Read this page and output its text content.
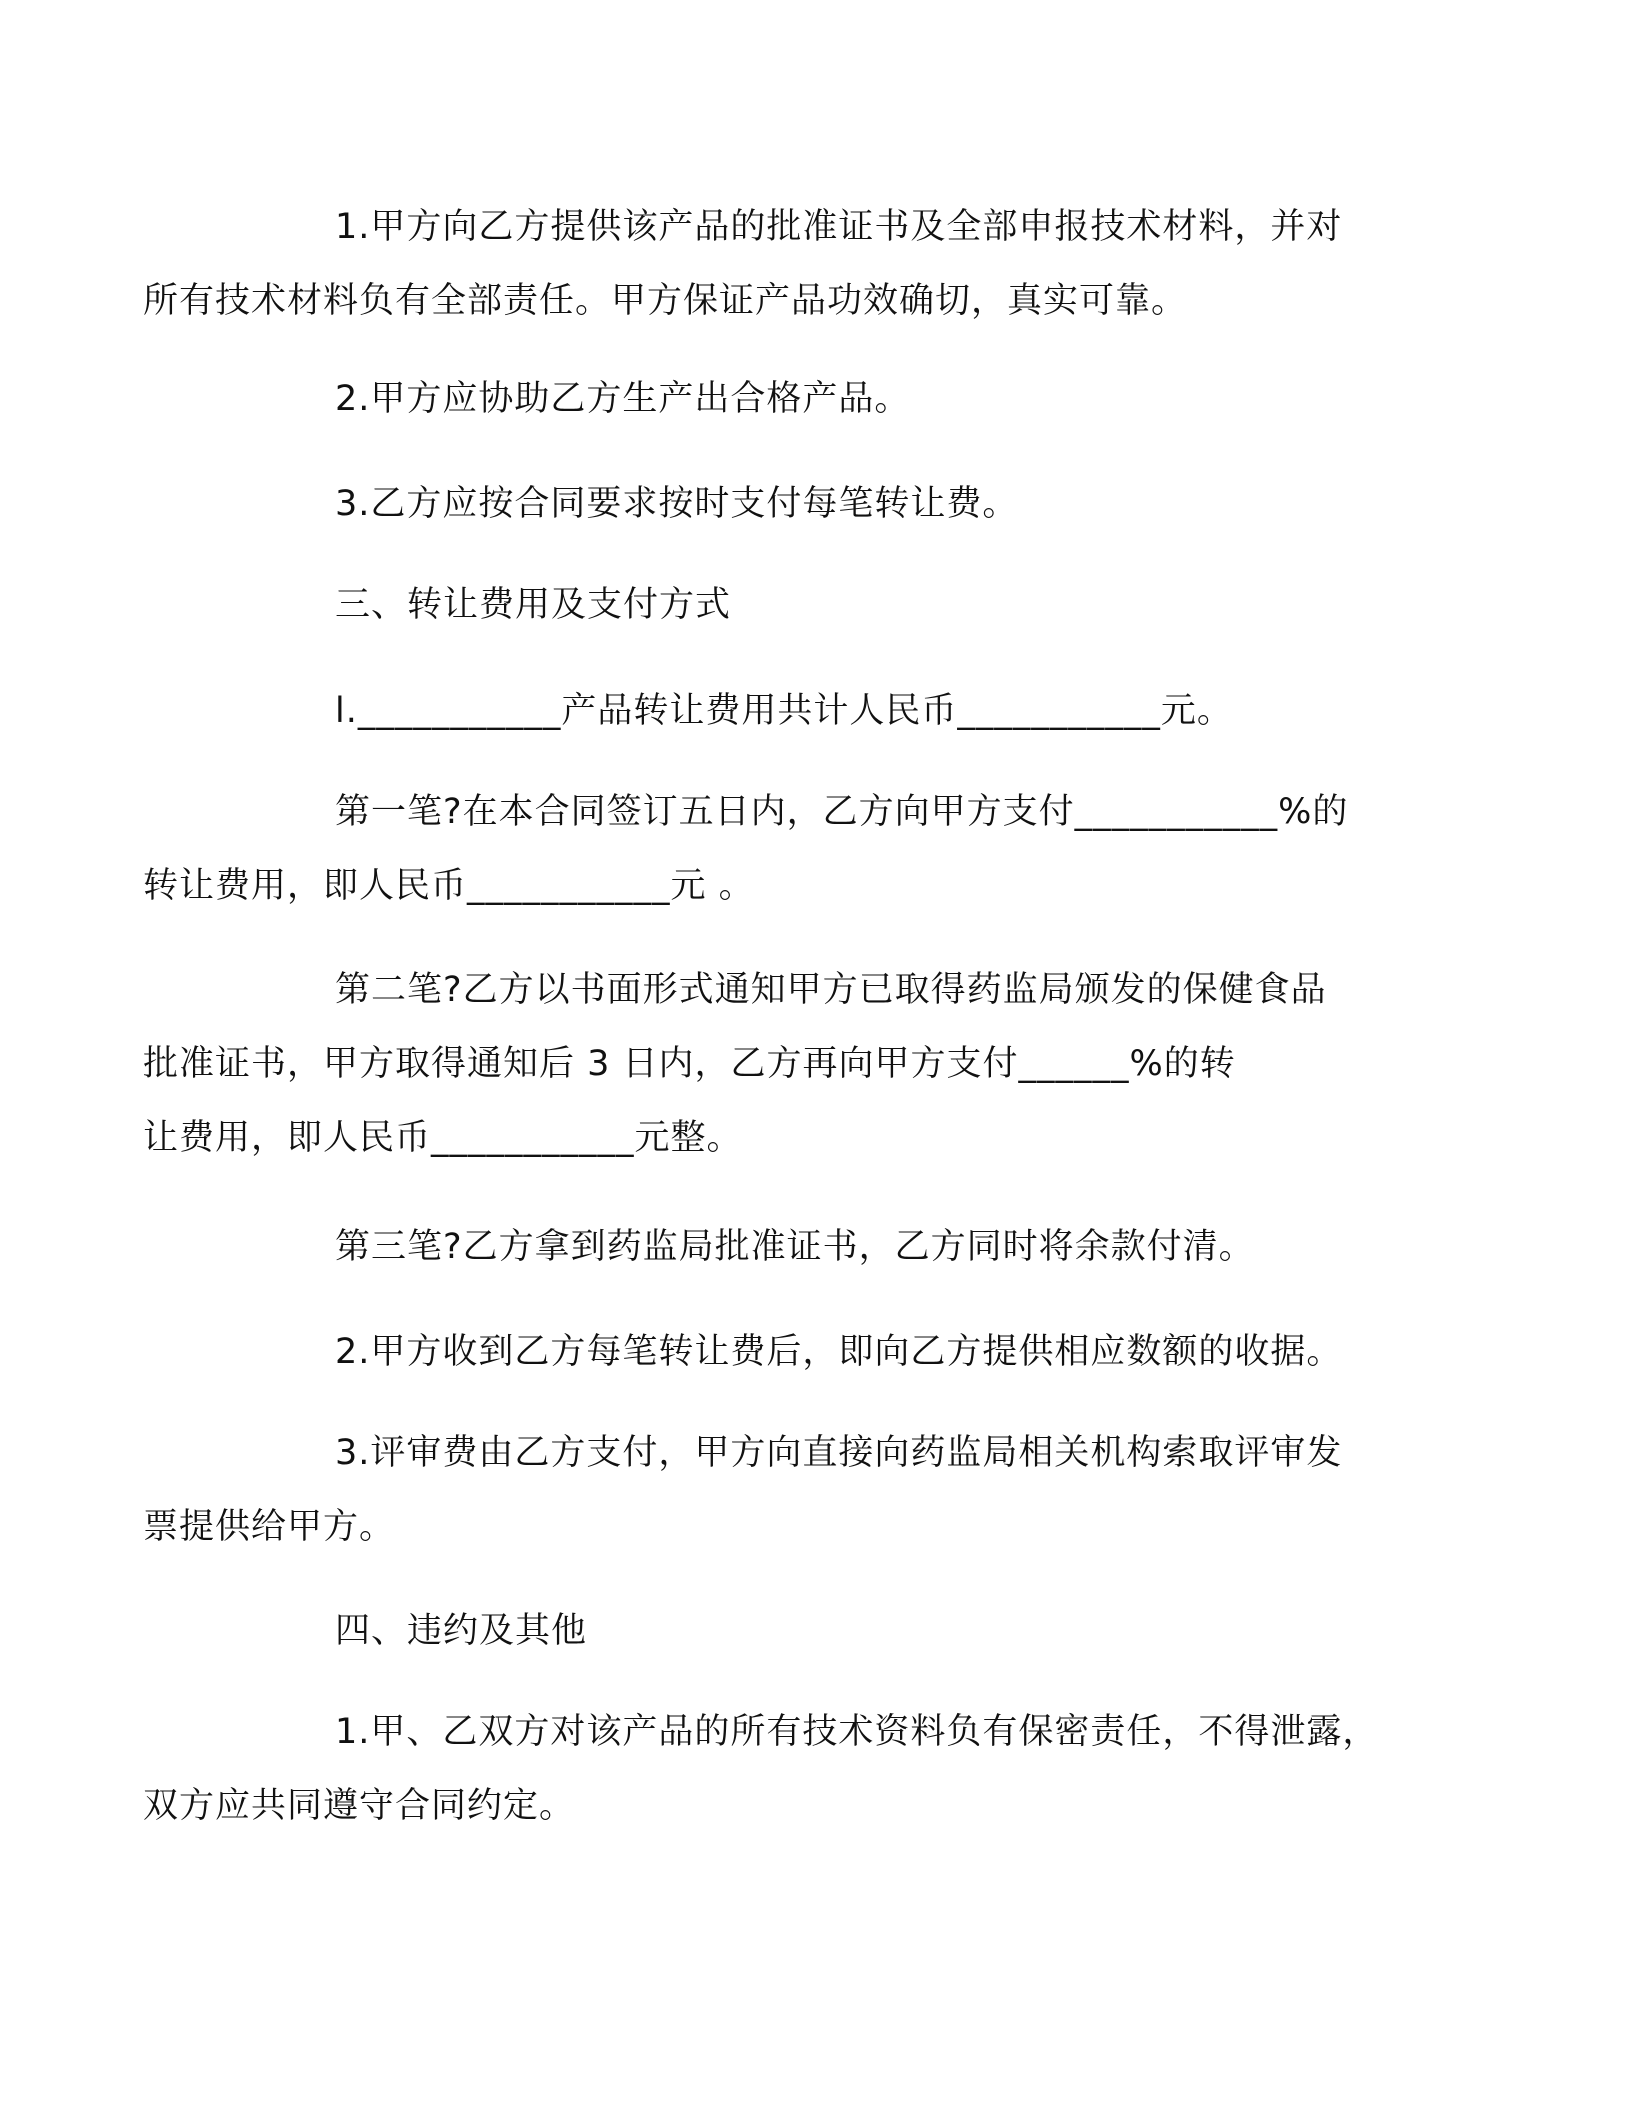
1.甲方向乙方提供该产品的批准证书及全部申报技术材料，并对
所有技术材料负有全部责任。甲方保证产品功效确切，真实可靠。

2.甲方应协助乙方生产出合格产品。

3.乙方应按合同要求按时支付每笔转让费。

三、转让费用及支付方式

l.___________产品转让费用共计人民币___________元。

第一笔?在本合同签订五日内，乙方向甲方支付___________%的
转让费用，即人民币___________元 。

第二笔?乙方以书面形式通知甲方已取得药监局颁发的保健食品
批准证书，甲方取得通知后 3 日内，乙方再向甲方支付______%的转
让费用，即人民币___________元整。

第三笔?乙方拿到药监局批准证书，乙方同时将余款付清。

2.甲方收到乙方每笔转让费后，即向乙方提供相应数额的收据。

3.评审费由乙方支付，甲方向直接向药监局相关机构索取评审发
票提供给甲方。

四、违约及其他

1.甲、乙双方对该产品的所有技术资料负有保密责任，不得泄露，
双方应共同遵守合同约定。
